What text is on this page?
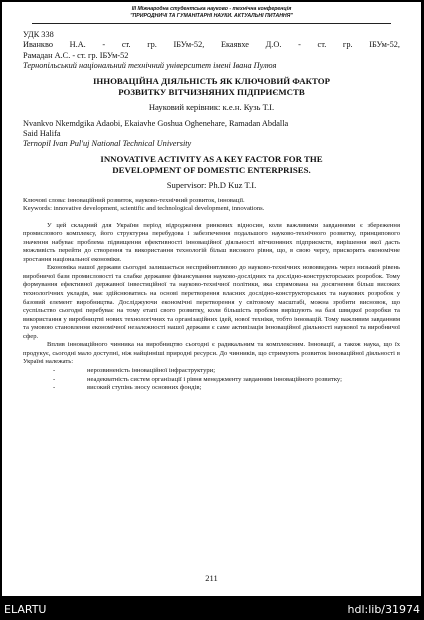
ІІІ Міжнародна студентська науково - технічна конференція
"ПРИРОДНИЧІ ТА ГУМАНІТАРНІ НАУКИ. АКТУАЛЬНІ ПИТАННЯ"
УДК 338
Иванкво Н.А. - ст. гр. ІБУм-52, Екаявхе Д.О. - ст. гр. ІБУм-52,
Рамадан А.С. - ст. гр. ІБУм-52
Тернопільський національний технічний університет імені Івана Пулюя
ІННОВАЦІЙНА ДІЯЛЬНІСТЬ ЯК КЛЮЧОВИЙ ФАКТОР
РОЗВИТКУ ВІТЧИЗНЯНИХ ПІДПРИЄМСТВ
Науковий керівник: к.е.н. Кузь Т.І.
Nvankvo Nkemdgika Adaobi, Ekaiavhe Goshua Oghenehare, Ramadan Abdalla
Said Halifa
Ternopil Ivan Pul'uj National Technical University
INNOVATIVE ACTIVITY AS A KEY FACTOR FOR THE
DEVELOPMENT OF DOMESTIC ENTERPRISES.
Supervisor: Ph.D Kuz T.I.
Ключові слова: інноваційний розвиток, науково-технічний розвиток, інновації.
Keywords: innovative development, scientific and technological development, innovations.
У цей складний для України період відродження ринкових відносин, коли важливими завданнями є збереження промислового комплексу, його структурна перебудова і забезпечення подальшого науково-технічного розвитку, принципового значення набуває проблема підвищення ефективності інноваційної діяльності вітчизняних підприємств, вирішення якої дасть можливість перейти до створення та використання технологій більш високого рівня, що, в свою чергу, прискорить економічне зростання національної економіки.
Економіка нашої держави сьогодні залишається несприйнятливою до науково-технічних нововведень через низький рівень виробничої бази промисловості та слабке державне фінансування науково-дослідних та дослідно-конструкторських розробок. Тому формування ефективної державної інвестиційної та науково-технічної політики, яка спрямована на досягнення більш високих технологічних укладів, має здійснюватись на основі перетворення власних дослідно-конструкторських та наукових розробок у базовий елемент виробництва. Досліджуючи економічні перетворення у світовому масштабі, можна зробити висновок, що суспільство сьогодні перебуває на тому етапі свого розвитку, коли більшість проблем вирішують на базі швидкої розробки та використання у виробництві нових технологічних та організаційних ідей, нової техніки, тобто інновацій. Тому важливим завданням та умовою становлення економічної незалежності нашої держави є саме активізація інноваційної діяльності наукової та виробничої сфер.
Вплив інноваційного чинника на виробництво сьогодні є радикальним та комплексним. Інновації, а також наука, що їх продукує, сьогодні мало доступні, ніж найцінніші природні ресурси. До чинників, що стримують розвиток інноваційної діяльності в Україні належать:
-	нерозвиненість інноваційної інфраструктури;
-	неадекватність систем організації і рівня менеджменту завданням інноваційного розвитку;
-	високий ступінь зносу основних фондів;
211
ELARTU	hdl:lib/31974
